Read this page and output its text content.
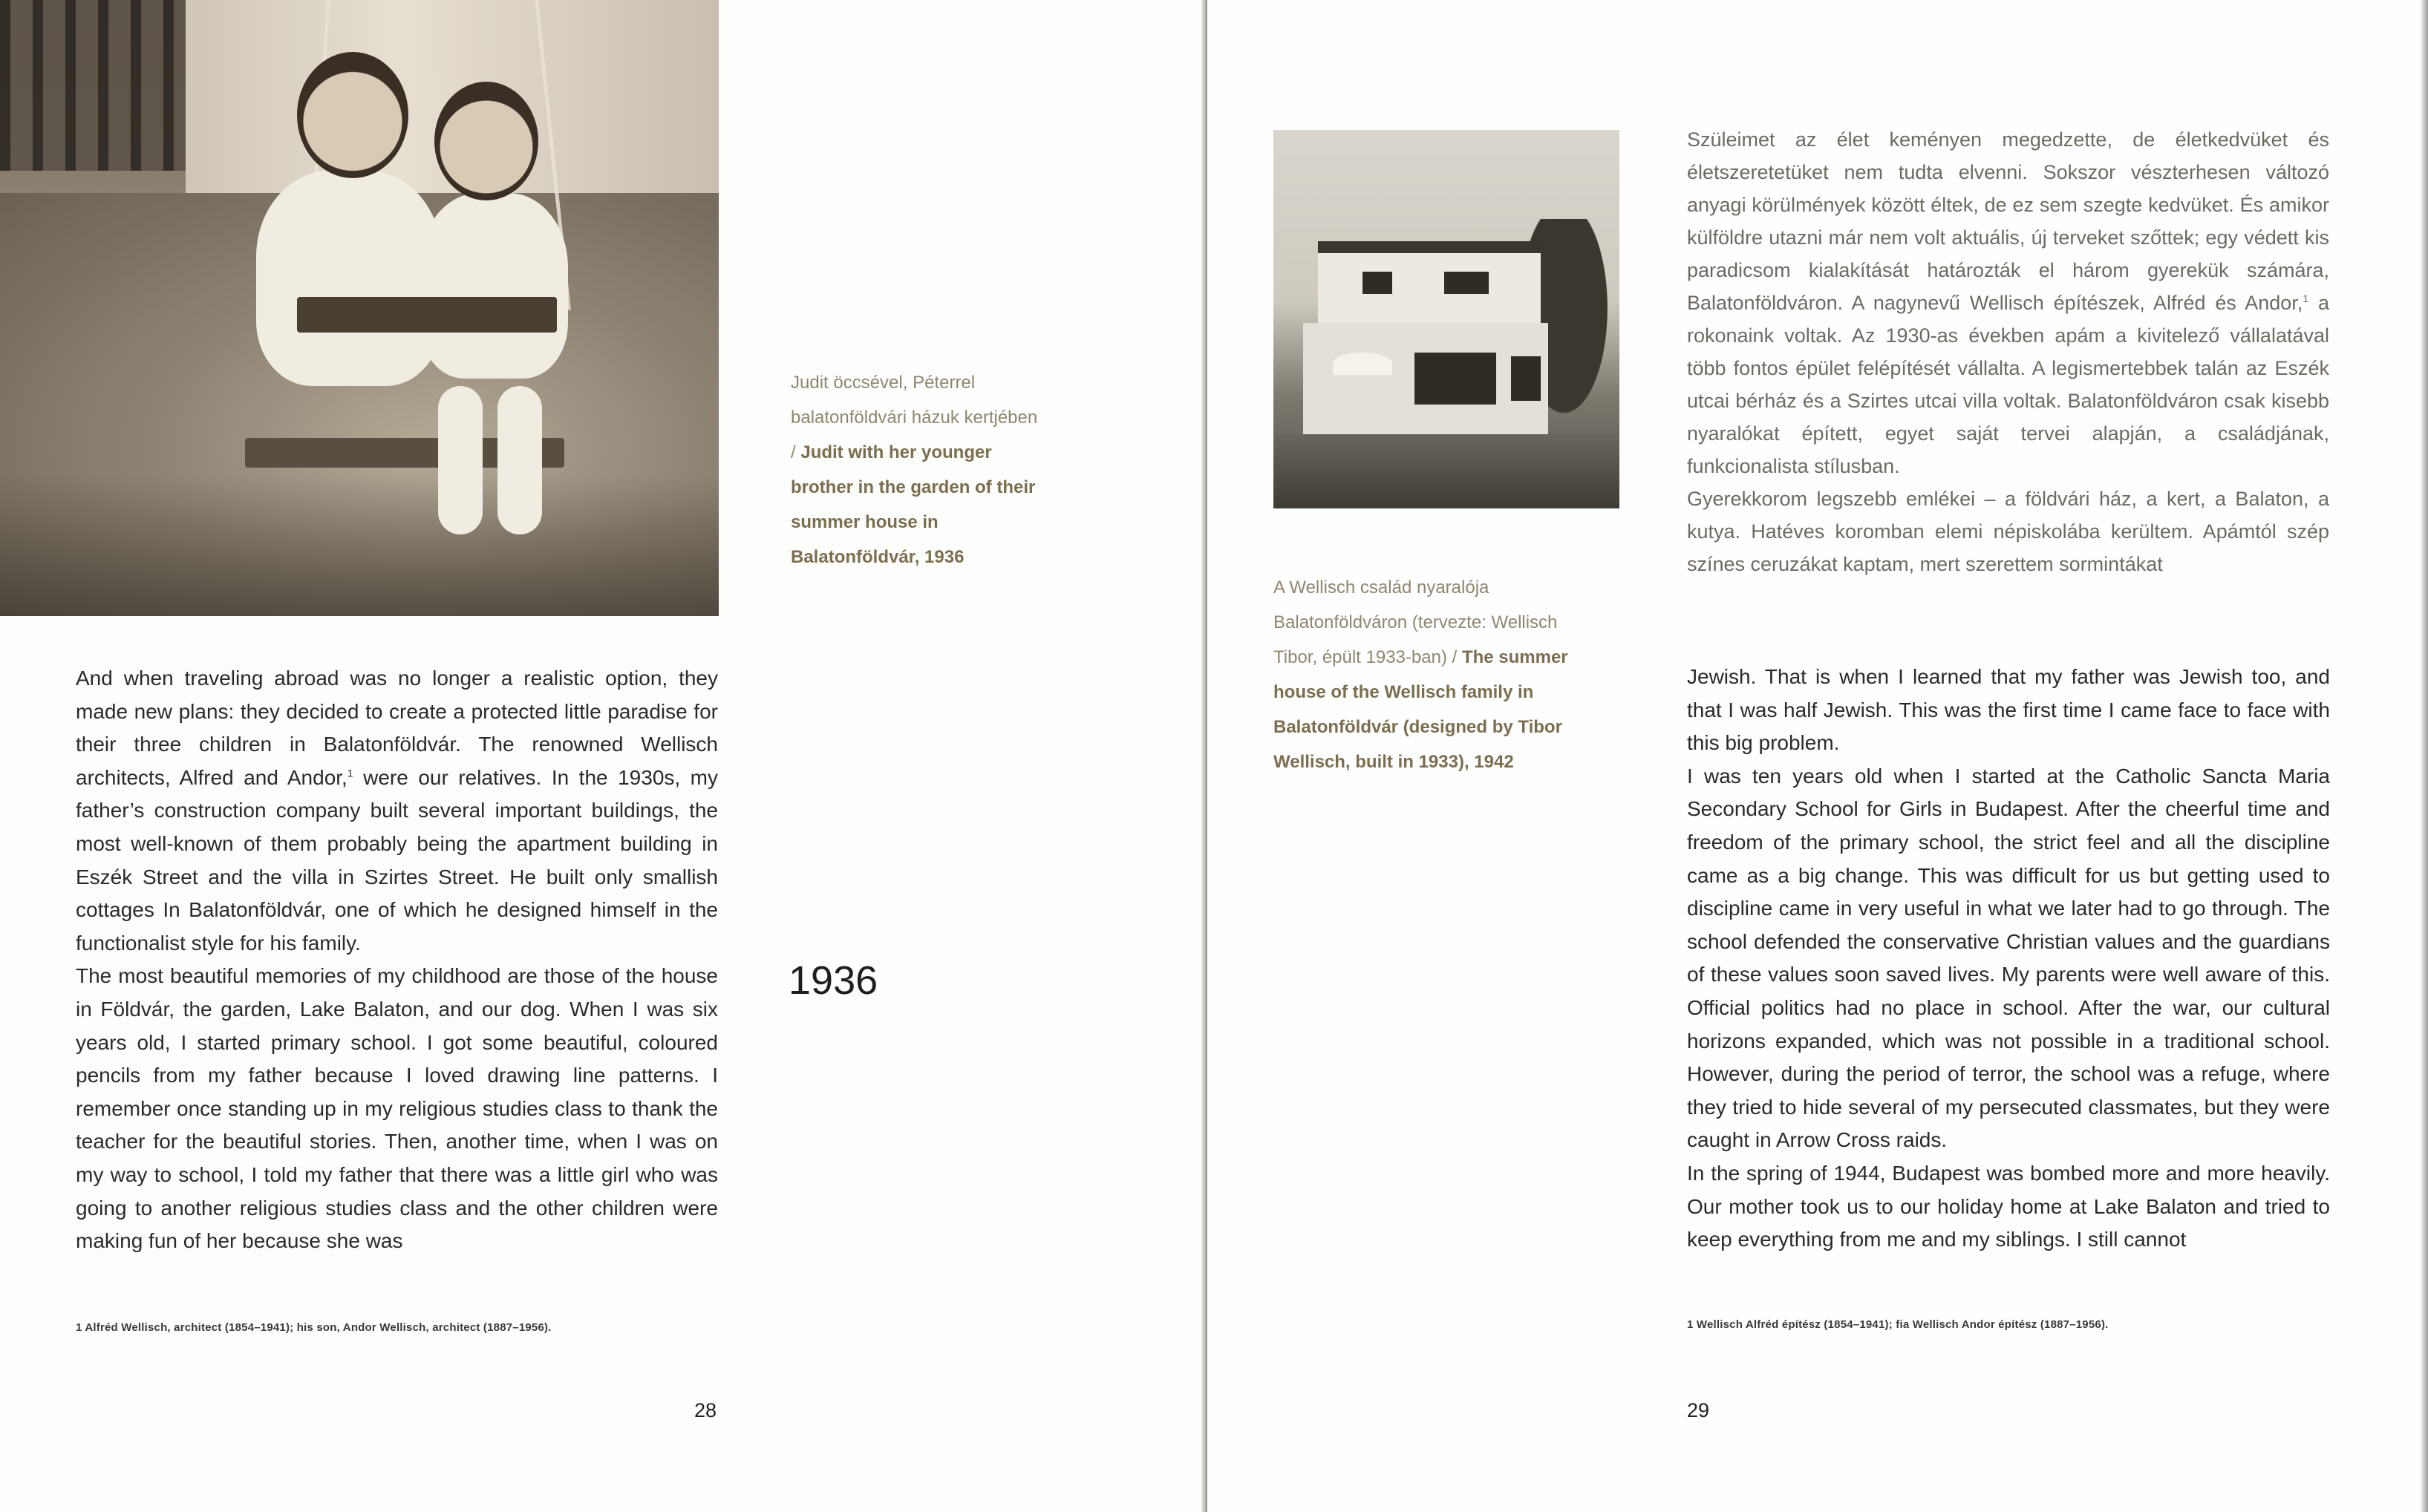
Judit öccsével, Péterrel balatonföldvári házuk kertjében / Judit with her younger brother in the garden of their summer house in Balatonföldvár, 1936
1936

And when traveling abroad was no longer a realistic option, they made new plans: they decided to create a protected little paradise for their three children in Balatonföldvár. The renowned Wellisch architects, Alfred and Andor,$^1$ were our relatives. In the 1930s, my father’s construction company built several important buildings, the most well-known of them probably being the apartment building in Eszék Street and the villa in Szirtes Street. He built only smallish cottages In Balatonföldvár, one of which he designed himself in the functionalist style for his family.

The most beautiful memories of my childhood are those of the house in Földvár, the garden, Lake Balaton, and our dog. When I was six years old, I started primary school. I got some beautiful, coloured pencils from my father because I loved drawing line patterns. I remember once standing up in my religious studies class to thank the teacher for the beautiful stories. Then, another time, when I was on my way to school, I told my father that there was a little girl who was going to another religious studies class and the other children were making fun of her because she was

1 Alfréd Wellisch, architect (1854–1941); his son, Andor Wellisch, architect (1887–1956).
28
A Wellisch család nyaralója Balatonföldváron (tervezte: Wellisch Tibor, épült 1933-ban) / The summer house of the Wellisch family in Balatonföldvár (designed by Tibor Wellisch, built in 1933), 1942

Szüleimet az élet keményen megedzette, de életkedvüket és életszeretetüket nem tudta elvenni. Sokszor vészterhesen változó anyagi körülmények között éltek, de ez sem szegte kedvüket. És amikor külföldre utazni már nem volt aktuális, új terveket szőttek; egy védett kis paradicsom kialakítását határozták el három gyerekük számára, Balatonföldváron. A nagynevű Wellisch építészek, Alfréd és Andor,$^1$ a rokonaink voltak. Az 1930-as években apám a kivitelező vállalatával több fontos épület felépítését vállalta. A legismertebbek talán az Eszék utcai bérház és a Szirtes utcai villa voltak. Balatonföldváron csak kisebb nyaralókat épített, egyet saját tervei alapján, a családjának, funkcionalista stílusban.

Gyerekkorom legszebb emlékei – a földvári ház, a kert, a Balaton, a kutya. Hatéves koromban elemi népiskolába kerültem. Apámtól szép színes ceruzákat kaptam, mert szerettem sormintákat

Jewish. That is when I learned that my father was Jewish too, and that I was half Jewish. This was the first time I came face to face with this big problem.

I was ten years old when I started at the Catholic Sancta Maria Secondary School for Girls in Budapest. After the cheerful time and freedom of the primary school, the strict feel and all the discipline came as a big change. This was difficult for us but getting used to discipline came in very useful in what we later had to go through. The school defended the conservative Christian values and the guardians of these values soon saved lives. My parents were well aware of this. Official politics had no place in school. After the war, our cultural horizons expanded, which was not possible in a traditional school. However, during the period of terror, the school was a refuge, where they tried to hide several of my persecuted classmates, but they were caught in Arrow Cross raids.

In the spring of 1944, Budapest was bombed more and more heavily. Our mother took us to our holiday home at Lake Balaton and tried to keep everything from me and my siblings. I still cannot

1 Wellisch Alfréd építész (1854–1941); fia Wellisch Andor építész (1887–1956).
29
